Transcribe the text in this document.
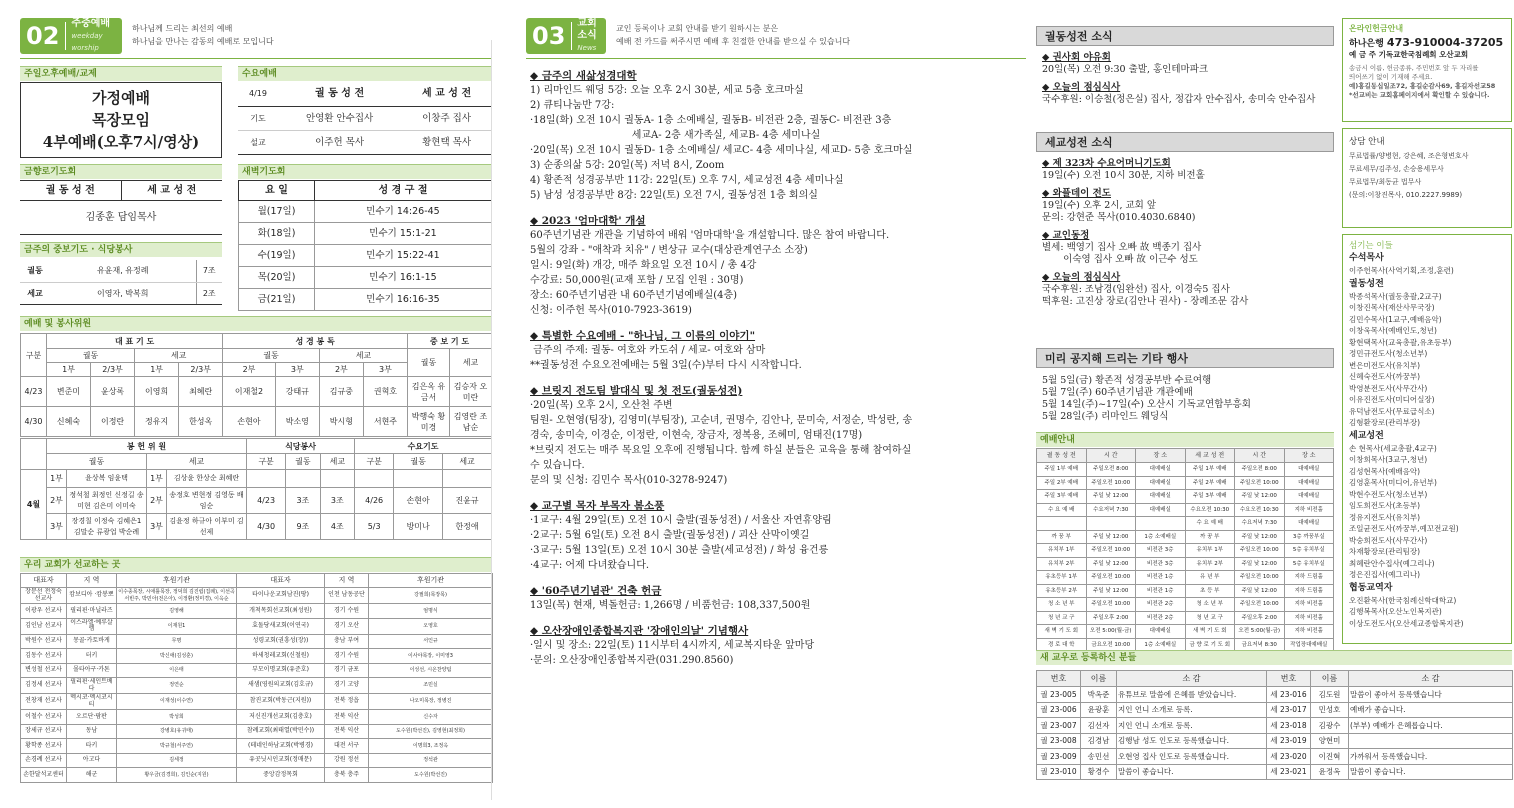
02	주중예배
weekday worship
하나님께 드리는 최선의 예배
하나님을 만나는 감동의 예배로 모입니다
주일오후예배/교제
가정예배
목장모임
4부예배(오후7시/영상)
수요예배
4/19	궐 동 성 전	세 교 성 전
기도	안영환 안수집사	이창주 집사
설교	이주헌 목사	황현택 목사
금향로기도회
궐 동 성 전	세 교 성 전
김종훈 담임목사
새벽기도회
요 일	성 경 구 절
월(17일)	민수기 14:26-45
화(18일)	민수기 15:1-21
수(19일)	민수기 15:22-41
목(20일)	민수기 16:1-15
금(21일)	민수기 16:16-35
금주의 중보기도 · 식당봉사
궐동	유윤재, 유정례	7조
세교	이영자, 박복희	2조
예배 및 봉사위원
구분	대 표 기 도				성 경 봉 독				중 보 기 도	
	궐동		세교		궐동		세교		궐동	세교
	1부	2/3부	1부	2/3부	2부	3부	2부	3부		
4/23	변준미	윤상록	이영희	최혜란	이재철2	강태규	김규중	권혁호	김은옥 유금서	김승자 오미란
4/30	신혜숙	이정란	정유지	한성옥	손현아	박소영	박시형	서현주	박행숙 황미경	김영란 조남순
	봉 헌 위 원				식당봉사			수요기도		
	궐동		세교		구분	궐동	세교	구분	궐동	세교
4월	1부	윤상복 임윤택	1부	김상윤 한상순 최혜란						
	2부	정석철 최정인 신정길 송미현 김은미 이미숙	2부	송정호 변현정 김영동 배임순	4/23	3조	3조	4/26	손현아	진윤규
	3부	장경칠 이정숙 김혜은1 김말순 류광업 박순례	3부	김윤정 하규아 이부미 김선제	4/30	9조	4조	5/3	방미나	한정애
우리 교회가 선교하는 곳
대표자	지 역	후원기관	대표자	지 역	후원기관
장문선 전정숙 선교사	캄보디아 ·캄봉뽀	이수종목장, 시애틀목장, 정덕희 김진립(집례), 이선곡 서빈주, 박민아(전은아), 이정환(정미경), 이옥순	타이나운교회남진(땅)	인천 남동공단	강필희(목장목)
이광우 선교사	필리핀·마닐라즈	김영해	개척목회선교회(최성원)	경기 수원	엄명식
김인남 선교사	이스라엘·예루살렘	이재원1	효돌당새교회(이연국)	경기 오산	오영호
박원수 선교사	몽골·카토바게	무명	성령교회(권흥성(장))	충남 부여	서인규
김동수 선교사	터키	박신애(김성훈)	하세청레교회(신철원)	경기 수원	이사야목장, 이미영3
변성철 선교사	몰타아구·카톤	이은태	부모이명교회(유준호)	경기 금포	이성선, 시온찬양팀
김정세 선교사	필리핀·세인트베다	정연순	새샘(영원의교회(김호규)	경기 고양	조민실
전창재 선교사	멕시코·멕시코시티	이재성(이수연)	참진교회(박동근(지원))	전북 정읍	나오미목장, 정병진
이철수 선교사	오르단·팜판	박성희	저신진개선교회(김충호)	전북 익산	신수자
장세규 선교사	동남	강병호(유귀태)	참례교회(최태열(박민수))	전북 익산	도수원(박선진), 김영현(최정희)
황학종 선교사	타키	박규철(서주연)	(테네인하남교회(박병경)	대전 서구	이명희3, 조정옥
손경례 선교사	아고다	김세정	유곳닛시인교회(정매문)	강원 정선	정석관
손한달석교센터	해군	황우금(김경희), 김인순(지원)	중앙감정목회	충북 충주	도수원(박선진)
03	교회소식
News
교인 등록이나 교회 안내를 받기 원하시는 분은
예배 전 카드를 써주시면 예배 후 친절한 안내를 받으실 수 있습니다
◆ 금주의 새삶성경대학
1) 리마인드 웨딩 5강: 오늘 오후 2시 30분, 세교 5층 호크마실
2) 큐티나눔반 7강:
·18일(화) 오전 10시 궐동A- 1층 소예배실, 궐동B- 비전관 2층, 궐동C- 비전관 3층
세교A- 2층 새가족실, 세교B- 4층 세미나실
·20일(목) 오전 10시 궐동D- 1층 소예배실/ 세교C- 4층 세미나실, 세교D- 5층 호크마실
3) 순종의삶 5강: 20일(목) 저녁 8시, Zoom
4) 황존적 성경공부반 11강: 22일(토) 오후 7시, 세교성전 4층 세미나실
5) 남성 성경공부반 8강: 22일(토) 오전 7시, 궐동성전 1층 회의실
◆ 2023 '엄마대학' 개설
60주년기념관 개관을 기념하여 배워 '엄마대학'을 개설합니다. 많은 참여 바랍니다.
5월의 강좌 - "애착과 치유" / 변상규 교수(대상관계연구소 소장)
일시: 9일(화) 개강, 매주 화요일 오전 10시 / 총 4강
수강료: 50,000원(교재 포함 / 모집 인원 : 30명)
장소: 60주년기념관 내 60주년기념예배실(4층)
신청: 이주헌 목사(010-7923-3619)
◆ 특별한 수요예배 - "하나님, 그 이름의 이야기"
금주의 주제: 궐동- 여호와 카도쉬 / 세교- 여호와 삼마
**궐동성전 수요오전예배는 5월 3일(수)부터 다시 시작합니다.
◆ 브릿지 전도팀 발대식 및 첫 전도(궐동성전)
·20일(목) 오후 2시, 오산천 주변
팀원- 오현영(팀장), 김영미(부팀장), 고순녀, 권명수, 김안나, 문미숙, 서정순, 박성란, 송
경숙, 송미숙, 이경순, 이정란, 이현숙, 장금자, 정복용, 조혜미, 엄태진(17명)
*브릿지 전도는 매주 목요일 오후에 진행됩니다. 함께 하실 분들은 교육을 통해 참여하실
수 있습니다.
문의 및 신청: 김민수 목사(010-3278-9247)
◆ 교구별 목자 부목자 봄소풍
·1교구: 4월 29일(토) 오전 10시 출발(궐동성전) / 서울산 자연휴양림
·2교구: 5월 6일(토) 오전 8시 출발(궐동성전) / 괴산 산막이옛길
·3교구: 5월 13일(토) 오전 10시 30분 출발(세교성전) / 화성 융건릉
·4교구: 어제 다녀왔습니다.
◆ '60주년기념관' 건축 헌금
13일(목) 현재, 벽돌헌금: 1,266명 / 비품헌금: 108,337,500원
◆ 오산장애인종합복지관 '장애인의날' 기념행사
·일시 및 장소: 22일(토) 11시부터 4시까지, 세교복지타운 앞마당
·문의: 오산장애인종합복지관(031.290.8560)
궐동성전 소식
◆ 권사회 야유회
20일(목) 오전 9:30 출발, 홍인테마파크
◆ 오늘의 점심식사
국수후원: 이승철(정은실) 집사, 정갑자 안수집사, 송미숙 안수집사
세교성전 소식
◆ 제 323차 수요어머니기도회
19일(수) 오전 10시 30분, 지하 비전홀
◆ 와플데이 전도
19일(수) 오후 2시, 교회 앞
문의: 강현준 목사(010.4030.6840)
◆ 교인동정
별세: 백영기 집사 오빠 故 백종기 집사
이숙영 집사 오빠 故 이근수 성도
◆ 오늘의 점심식사
국수후원: 조남경(임완선) 집사, 이경숙5 집사
떡후원: 고진상 장로(김안나 권사) - 장례조문 감사
미리 공지해 드리는 기타 행사
5월 5일(금) 황존적 성경공부반 수료여행
5월 7일(주) 60주년기념관 개관예배
5월 14일(주)~17일(수) 오산시 기독교연합부흥회
5월 28일(주) 리마인드 웨딩식
예배안내
궐 동 성 전	시 간	장 소	세 교 성 전	시 간	장 소
주일 1부 예배	주일오전 8:00	대예배실	주일 1부 예배	주일오전 8:00	대예배실
주일 2부 예배	주일오전 10:00	대예배실	주일 2부 예배	주일오전 10:00	대예배실
주일 3부 예배	주일 낮 12:00	대예배실	주일 3부 예배	주일 낮 12:00	대예배실
수 요 예 배	수요저녁 7:30	대예배실	수요오전 10:30	수요오전 10:30	지하 비전홀
			수 요 예 배	수요저녁 7:30	대예배실
까 꿍 부	주일 낮 12:00	1층 소예배실	까 꿍 부	주일 낮 12:00	3층 까꿍부실
유치부 1부	주일오전 10:00	비전관 3층	유치부 1부	주일오전 10:00	5층 유치부실
유치부 2부	주일 낮 12:00	비전관 3층	유치부 2부	주일 낮 12:00	5층 유치부실
유초등부 1부	주일오전 10:00	비전관 1층	유 년 부	주일오전 10:00	지하 드림홀
유초등부 2부	주일 낮 12:00	비전관 1층	초 등 부	주일 낮 12:00	지하 드림홀
청 소 년 부	주일오전 10:00	비전관 2층	청 소 년 부	주일오전 10:00	지하 비전홀
청 년 교 구	주일오후 2:00	비전관 2층	청 년 교 구	주일오후 2:00	지하 비전홀
새 벽 기 도 회	오전 5:00(월-금)	대예배실	새 벽 기 도 회	오전 5:00(월-금)	지하 비전홀
경 로 대 학	금요오전 10:00	1층 소예배실	금 향 로 기 도 회	금요저녁 8:30	작업장대예배실
새 교우로 등록하신 분들
번호	이름	소 감	번호	이름	소 감
궐 23-005	박옥준	유튜브로 말씀에 은혜를 받았습니다.	세 23-016	김도원	말씀이 좋아서 등록했습니다
궐 23-006	윤광훈	지인 언니 소개로 등록.	세 23-017	민성호	예배가 좋습니다.
궐 23-007	김선자	지인 언니 소개로 등록.	세 23-018	김광수	(부부) 예배가 은혜롭습니다.
궐 23-008	김경남	김행남 성도 인도로 등록했습니다.	세 23-019	양현미	
궐 23-009	송민선	오현영 집사 인도로 등록했습니다.	세 23-020	이진혁	가까워서 등록했습니다.
궐 23-010	황경수	말씀이 좋습니다.	세 23-021	윤정옥	말씀이 좋습니다.
온라인헌금안내
하나은행 473-910004-37205
예 금 주 기독교한국침례회 오산교회
송금시 이름, 헌금종류, 주민번호 앞 두 자리를
띄어쓰기 없이 기재해 주세요.
예)홍길동십일조72, 홍길순감사69, 홍길자선교58
*선교비는 교회홈페이지에서 확인할 수 있습니다.
상담 안내
무료법률/양병현, 강은혜, 조은형변호사
무료세무/김주성, 손승용세무사
무료법무/최동균 법무사
(문의:이창진목사, 010.2227.9989)
섬기는 이들
수석목사
이주헌목사(사역기획,조정,훈련)
궐동성전
박종석목사(궐동총괄,2교구)
이창진목사(재산사무국장)
김민수목사(1교구,예배음악)
이창욱목사(예배인도,청년)
황현택목사(교육총괄,유초등부)
정민규전도사(청소년부)
변은미전도사(유치부)
신혜숙전도사(까꿍부)
박영분전도사(사무간사)
이유진전도사(미디어실장)
유덕남전도사(무료급식소)
김형환장로(관리부장)
세교성전
손 현목사(세교총괄,4교구)
이창희목사(3교구,청년)
김성현목사(예배음악)
김영훈목사(미디어,유년부)
박현수전도사(청소년부)
임도희전도사(초등부)
정유지전도사(유치부)
조일균전도사(까꿍부,예꼬전교원)
박숭희전도사(사무간사)
차재황장로(관리팀장)
최혜란안수집사(예그리나)
정은진집사(예그리나)
협동교역자
오진환목사(한국침례신학대학교)
김행복목사(오산노인복지관)
이상도전도사(오산세교종합복지관)
